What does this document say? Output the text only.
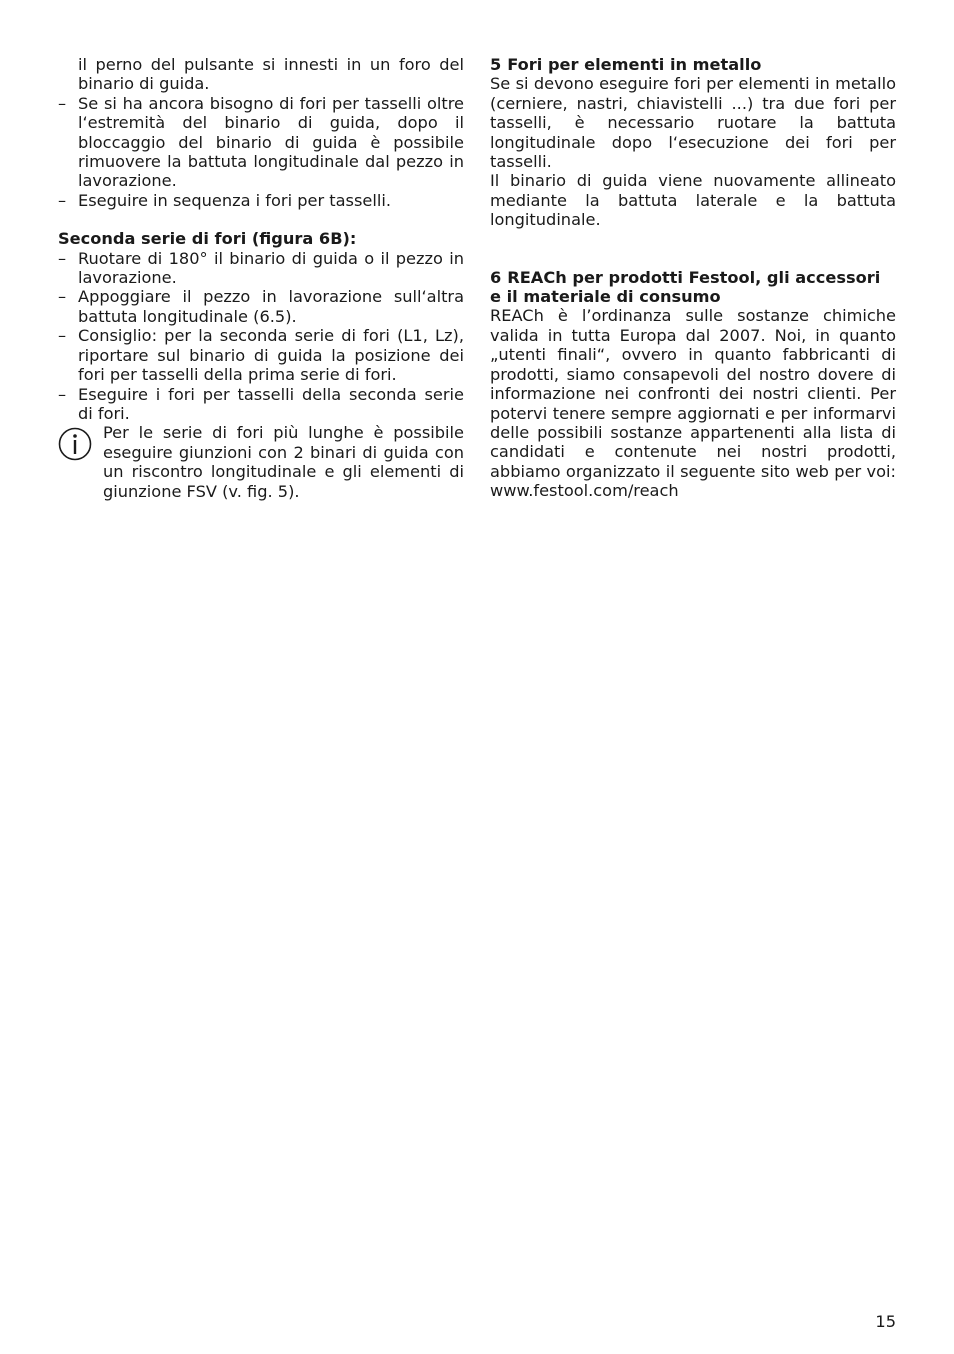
il perno del pulsante si innesti in un foro del binario di guida.

– Se si ha ancora bisogno di fori per tasselli oltre l‘estremità del binario di guida, dopo il bloccaggio del binario di guida è possibile rimuovere la battuta longitudinale dal pezzo in lavorazione.
– Eseguire in sequenza i fori per tasselli.

Seconda serie di fori (figura 6B):

– Ruotare di 180° il binario di guida o il pezzo in lavorazione.
– Appoggiare il pezzo in lavorazione sull‘altra battuta longitudinale (6.5).
– Consiglio: per la seconda serie di fori (L1, Lz), riportare sul binario di guida la posizione dei fori per tasselli della prima serie di fori.
– Eseguire i fori per tasselli della seconda serie di fori.
Per le serie di fori più lunghe è possibile eseguire giunzioni con 2 binari di guida con un riscontro longitudinale e gli elementi di giunzione FSV (v. fig. 5).

5 Fori per elementi in metallo

Se si devono eseguire fori per elementi in metallo (cerniere, nastri, chiavistelli ...) tra due fori per tasselli, è necessario ruotare la battuta longitudinale dopo l‘esecuzione dei fori per tasselli.

Il binario di guida viene nuovamente allineato mediante la battuta laterale e la battuta longitudinale.

6 REACh per prodotti Festool, gli accessori e il materiale di consumo

REACh è l’ordinanza sulle sostanze chimiche valida in tutta Europa dal 2007. Noi, in quanto „utenti finali“, ovvero in quanto fabbricanti di prodotti, siamo consapevoli del nostro dovere di informazione nei confronti dei nostri clienti. Per potervi tenere sempre aggiornati e per informarvi delle possibili sostanze appartenenti alla lista di candidati e contenute nei nostri prodotti, abbiamo organizzato il seguente sito web per voi: www.festool.com/reach

15
